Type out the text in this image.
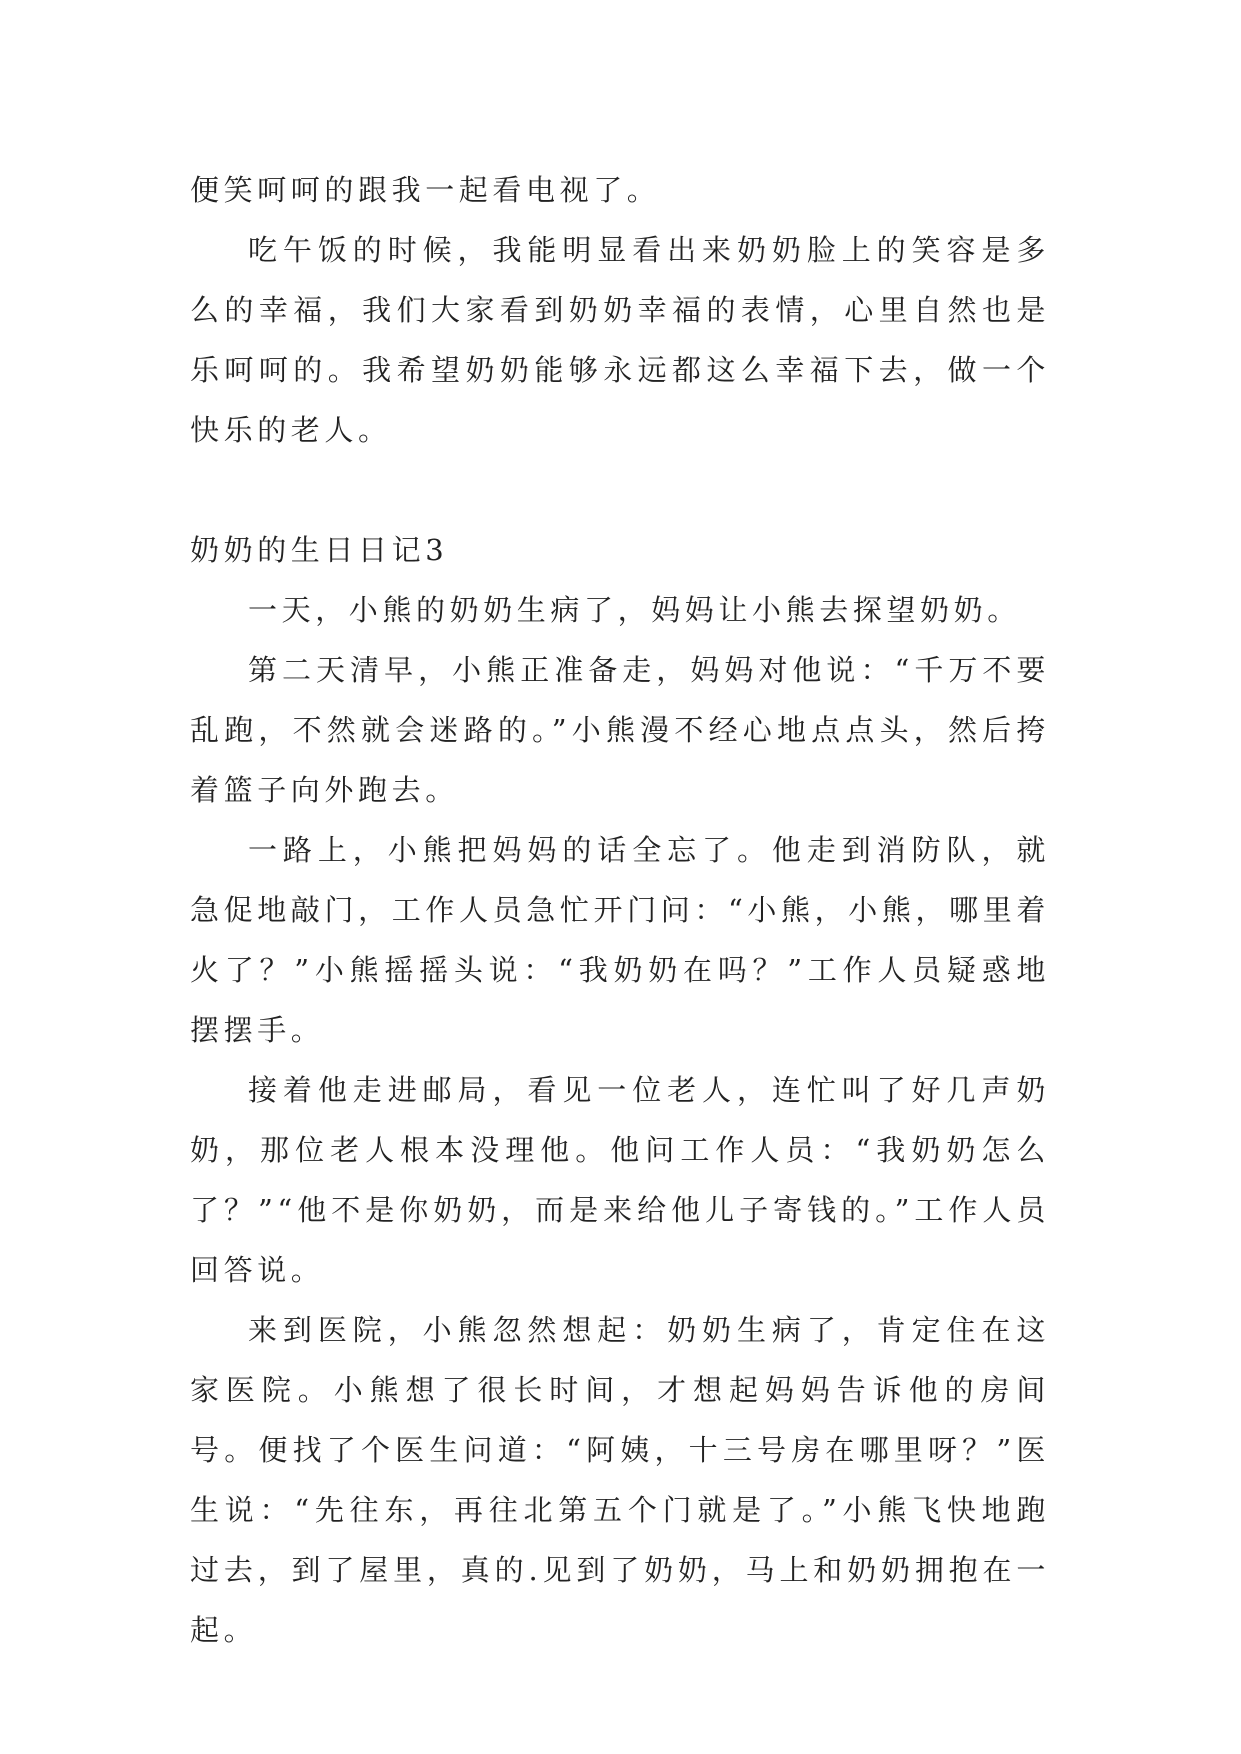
便笑呵呵的跟我一起看电视了。

吃午饭的时候，我能明显看出来奶奶脸上的笑容是多么的幸福，我们大家看到奶奶幸福的表情，心里自然也是乐呵呵的。我希望奶奶能够永远都这么幸福下去，做一个快乐的老人。

奶奶的生日日记3

一天，小熊的奶奶生病了，妈妈让小熊去探望奶奶。

第二天清早，小熊正准备走，妈妈对他说：“千万不要乱跑，不然就会迷路的。”小熊漫不经心地点点头，然后挎着篮子向外跑去。

一路上，小熊把妈妈的话全忘了。他走到消防队，就急促地敲门，工作人员急忙开门问：“小熊，小熊，哪里着火了？”小熊摇摇头说：“我奶奶在吗？”工作人员疑惑地摆摆手。

接着他走进邮局，看见一位老人，连忙叫了好几声奶奶，那位老人根本没理他。他问工作人员：“我奶奶怎么了？”“他不是你奶奶，而是来给他儿子寄钱的。”工作人员回答说。

来到医院，小熊忽然想起：奶奶生病了，肯定住在这家医院。小熊想了很长时间，才想起妈妈告诉他的房间号。便找了个医生问道：“阿姨，十三号房在哪里呀？”医生说：“先往东，再往北第五个门就是了。”小熊飞快地跑过去，到了屋里，真的.见到了奶奶，马上和奶奶拥抱在一起。
